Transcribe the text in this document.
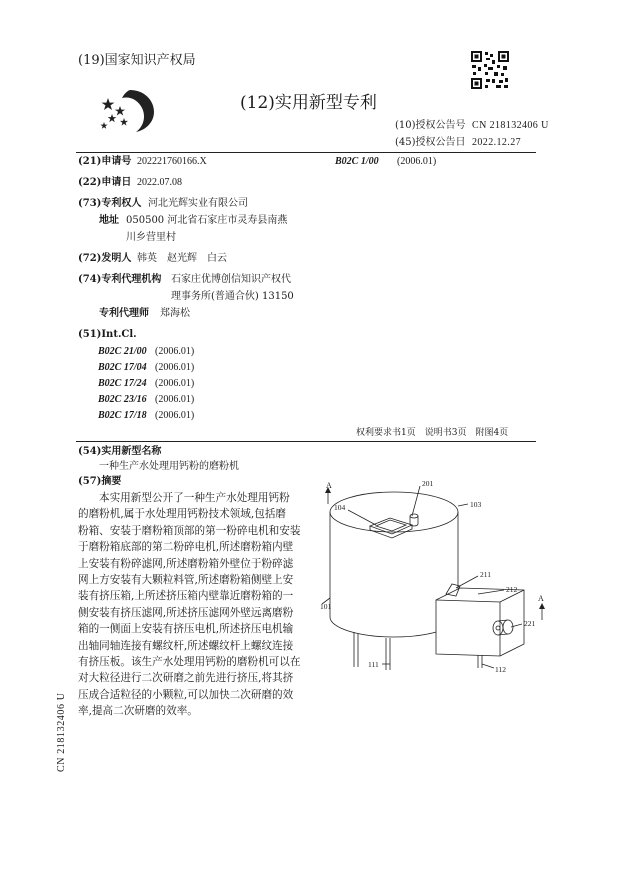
(19)国家知识产权局
(12)实用新型专利
(10)授权公告号 CN 218132406 U
(45)授权公告日 2022.12.27
(21)申请号 202221760166.X	B02C 1/00 (2006.01)
(22)申请日 2022.07.08
(73)专利权人 河北光辉实业有限公司
地址 050500 河北省石家庄市灵寿县南燕
川乡营里村
(72)发明人 韩英　赵光辉　白云
(74)专利代理机构 石家庄优博创信知识产权代
理事务所(普通合伙) 13150
专利代理师 郑海松
(51)Int.Cl.
B02C 21/00 (2006.01)
B02C 17/04 (2006.01)
B02C 17/24 (2006.01)
B02C 23/16 (2006.01)
B02C 17/18 (2006.01)
权利要求书1页　说明书3页　附图4页
(54)实用新型名称
一种生产水处理用钙粉的磨粉机
(57)摘要
本实用新型公开了一种生产水处理用钙粉
的磨粉机,属于水处理用钙粉技术领域,包括磨
粉箱、安装于磨粉箱顶部的第一粉碎电机和安装
于磨粉箱底部的第二粉碎电机,所述磨粉箱内壁
上安装有粉碎滤网,所述磨粉箱外壁位于粉碎滤
网上方安装有大颗粒料管,所述磨粉箱侧壁上安
装有挤压箱,上所述挤压箱内壁靠近磨粉箱的一
侧安装有挤压滤网,所述挤压滤网外壁远离磨粉
箱的一侧面上安装有挤压电机,所述挤压电机输
出轴同轴连接有螺纹杆,所述螺纹杆上螺纹连接
有挤压板。该生产水处理用钙粉的磨粉机可以在
对大粒径进行二次研磨之前先进行挤压,将其挤
压成合适粒径的小颗粒,可以加快二次研磨的效
率,提高二次研磨的效率。
CN 218132406 U
A	201
103
104
211
212
101
221
111
112
A
